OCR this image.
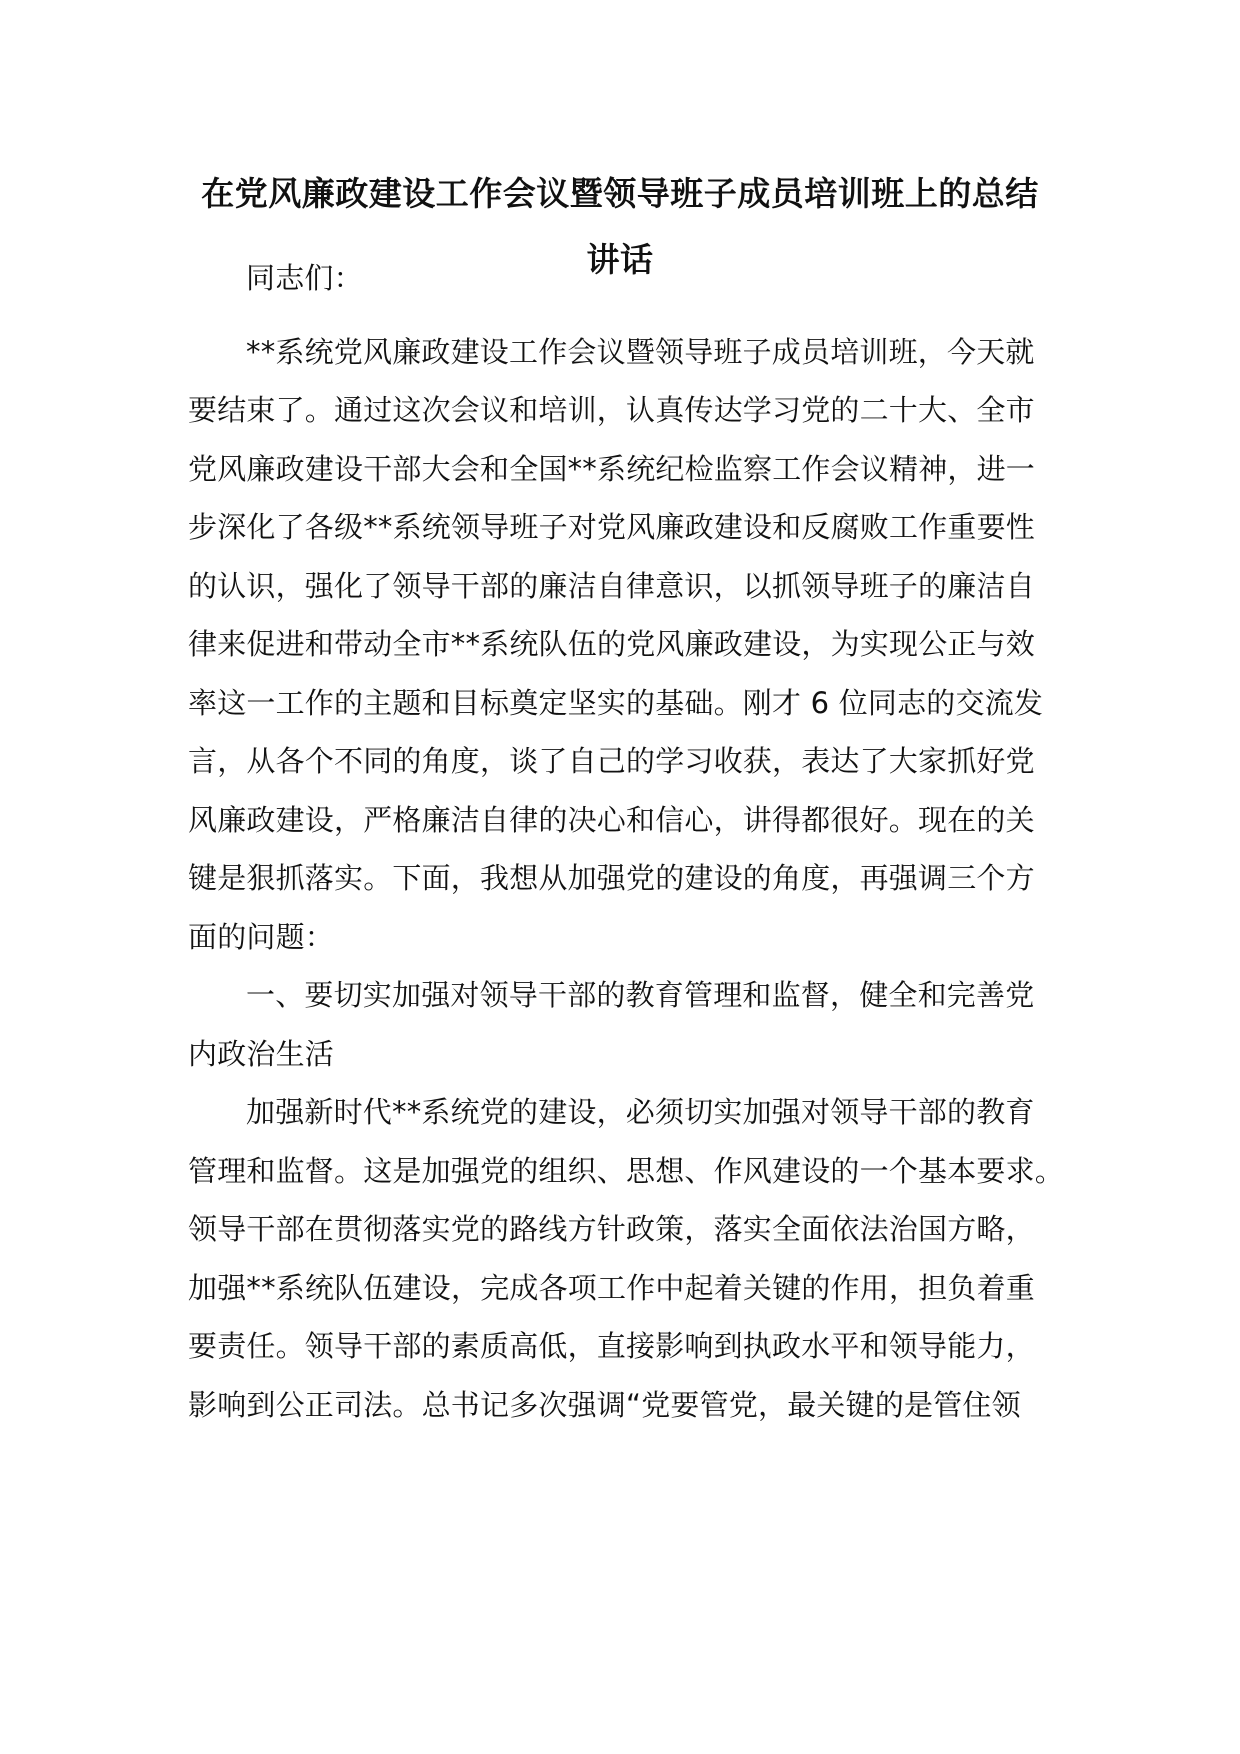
在党风廉政建设工作会议暨领导班子成员培训班上的总结
讲话
同志们：
**系统党风廉政建设工作会议暨领导班子成员培训班，今天就
要结束了。通过这次会议和培训，认真传达学习党的二十大、全市
党风廉政建设干部大会和全国**系统纪检监察工作会议精神，进一
步深化了各级**系统领导班子对党风廉政建设和反腐败工作重要性
的认识，强化了领导干部的廉洁自律意识，以抓领导班子的廉洁自
律来促进和带动全市**系统队伍的党风廉政建设，为实现公正与效
率这一工作的主题和目标奠定坚实的基础。刚才 6 位同志的交流发
言，从各个不同的角度，谈了自己的学习收获，表达了大家抓好党
风廉政建设，严格廉洁自律的决心和信心，讲得都很好。现在的关
键是狠抓落实。下面，我想从加强党的建设的角度，再强调三个方
面的问题：
一、要切实加强对领导干部的教育管理和监督，健全和完善党
内政治生活
加强新时代**系统党的建设，必须切实加强对领导干部的教育
管理和监督。这是加强党的组织、思想、作风建设的一个基本要求。
领导干部在贯彻落实党的路线方针政策，落实全面依法治国方略，
加强**系统队伍建设，完成各项工作中起着关键的作用，担负着重
要责任。领导干部的素质高低，直接影响到执政水平和领导能力，
影响到公正司法。总书记多次强调“党要管党，最关键的是管住领
